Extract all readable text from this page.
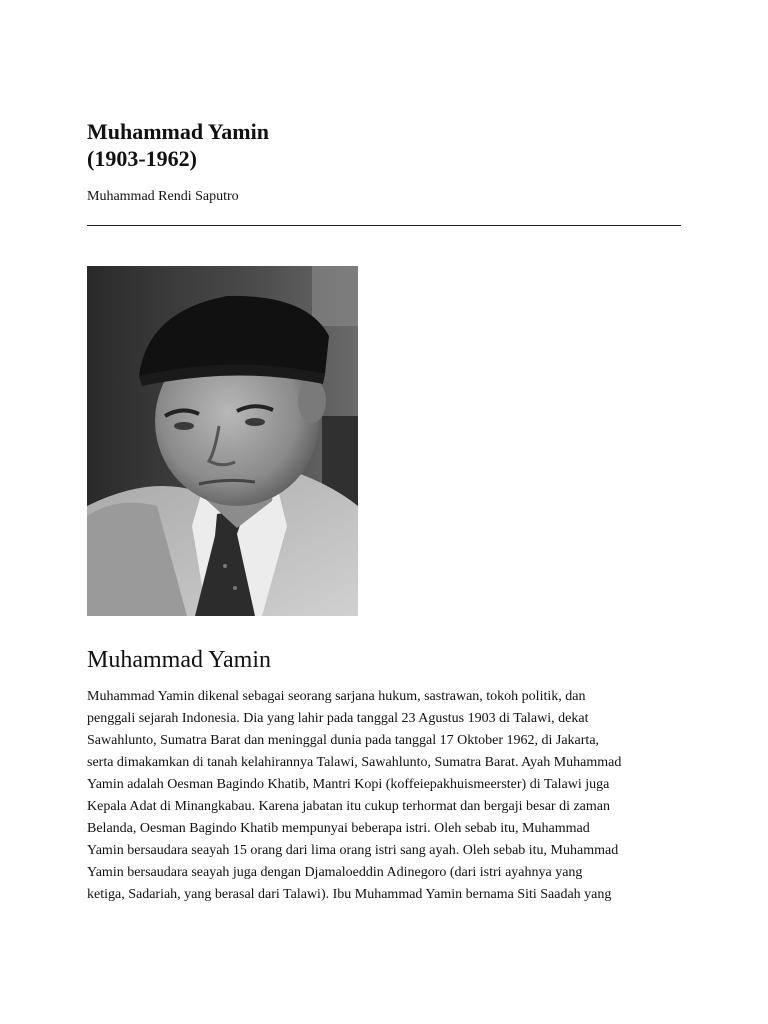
Muhammad Yamin
(1903-1962)
Muhammad Rendi Saputro
Muhammad Yamin
Muhammad Yamin dikenal sebagai seorang sarjana hukum, sastrawan, tokoh politik, dan
penggali sejarah Indonesia. Dia yang lahir pada tanggal 23 Agustus 1903 di Talawi, dekat
Sawahlunto, Sumatra Barat dan meninggal dunia pada tanggal 17 Oktober 1962, di Jakarta,
serta dimakamkan di tanah kelahirannya Talawi, Sawahlunto, Sumatra Barat. Ayah Muhammad
Yamin adalah Oesman Bagindo Khatib, Mantri Kopi (koffeiepakhuismeerster) di Talawi juga
Kepala Adat di Minangkabau. Karena jabatan itu cukup terhormat dan bergaji besar di zaman
Belanda, Oesman Bagindo Khatib mempunyai beberapa istri. Oleh sebab itu, Muhammad
Yamin bersaudara seayah 15 orang dari lima orang istri sang ayah. Oleh sebab itu, Muhammad
Yamin bersaudara seayah juga dengan Djamaloeddin Adinegoro (dari istri ayahnya yang
ketiga, Sadariah, yang berasal dari Talawi). Ibu Muhammad Yamin bernama Siti Saadah yang
